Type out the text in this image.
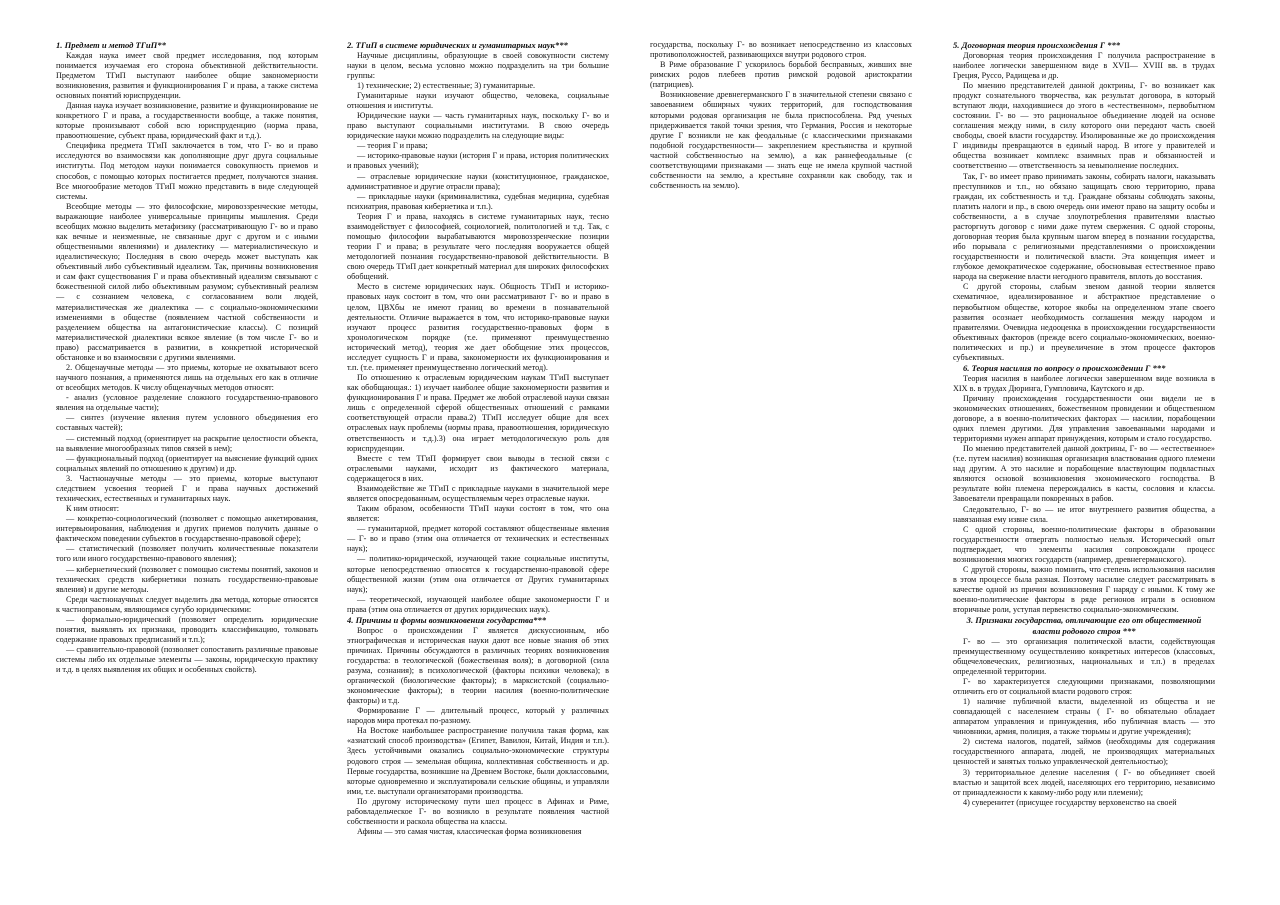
1. Предмет и метод ТГиП**

Каждая наука имеет свой предмет исследования, под которым понимается изучаемая его сторона объективной действительности. Предметом ТГиП выступают наиболее общие закономерности возникновения, развития и функционирования Г и права, а также система основных понятий юриспруденции.

Данная наука изучает возникновение, развитие и функционирование не конкретного Г и права, а государственности вообще, а также понятия, которые пронизывают собой всю юриспруденцию (норма права, правоотношение, субъект права, юридический факт и т.д.).

Спецификa предмета ТГиП заключается в том, что Г- во и право исследуются во взаимосвязи как дополняющие друг друга социальные институты. Под методом науки понимается совокупность приемов и способов, с помощью которых постигается предмет, получаются знания. Все многообразие методов ТГиП можно представить в виде следующей системы.

Всеобщие методы — это философские, мировоззренческие методы, выражающие наиболее универсальные принципы мышления. Среди всеобщих можно выделить метафизику (рассматривающую Г- во и право как вечные и неизменные, не связанные друг с другом и с иными общественными явлениями) и диалектику — материалистическую и идеалистическую; Последняя в свою очередь может выступать как объективный либо субъективный идеализм. Так, причины возникновения и сам факт существования Г и права объективный идеализм связывают с божественной силой либо объективным разумом; субъективный реализм — с сознанием человека, с согласованием воли людей, материалистическая же диалектика — с социально-экономическими изменениями в обществе (появлением частной собственности и разделением общества на антагонистические классы). С позиций материалистической диалектики всякое явление (в том числе Г- во и право) рассматривается в развитии, в конкретной исторической обстановке и во взаимосвязи с другими явлениями.

2. Общенаучные методы — это приемы, которые не охватывают всего научного познания, а применяются лишь на отдельных его как в отличие от всеобщих методов. К числу общенаучных методов относят:

- анализ (условное разделение сложного государственно-правового явления на отдельные части);

— синтез (изучение явления путем условного объединения его составных частей);

— системный подход (ориентирует на раскрытие целостности объекта, на выявление многообразных типов связей в нем);

— функциональный подход (ориентирует на выяснение функций одних социальных явлений по отношению к другим) и др.

3. Частнонаучные методы — это приемы, которые выступают следствием усвоения теорией Г и права научных достижений технических, естественных и гуманитарных наук.

К ним относят:

— конкретно-социологический (позволяет с помощью анкетирования, интервьюирования, наблюдения и других приемов получить данные о фактическом поведении субъектов в государственно-правовой сфере);

— статистический (позволяет получить количественные показатели того или иного государственно-правового явления);

— кибернетический (позволяет с помощью системы понятий, законов и технических средств кибернетики познать государственно-правовые явления) и другие методы.

Среди частнонаучных следует выделить два метода, которые относятся к частноправовым, являющимся сугубо юридическими:

— формально-юридический (позволяет определить юридические понятия, выявлять их признаки, проводить классификацию, толковать содержание правовых предписаний и т.п.);

— сравнительно-правовой (позволяет сопоставить различные правовые системы либо их отдельные элементы — законы, юридическую практику и т.д. в целях выявления их общих и особенных свойств).

2. ТГиП в системе юридических и гуманитарных наук***

Научные дисциплины, образующие в своей совокупности систему науки в целом, весьма условно можно подразделить на три большие группы:

1) технические; 2) естественные; 3) гуманитарные.

Гуманитарные науки изучают общество, человека, социальные отношения и институты.

Юридические науки — часть гуманитарных наук, поскольку Г- во и право выступают социальными институтами. В свою очередь юридические науки можно подразделить на следующие виды:

— теория Г и права;

— историко-правовые науки (история Г и права, история политических и правовых учений);

— отраслевые юридические науки (конституционное, гражданское, административное и другие отрасли права);

— прикладные науки (криминалистика, судебная медицина, судебная психиатрия, правовая кибернетика и т.п.).

Теория Г и права, находясь в системе гуманитарных наук, тесно взаимодействует с философией, социологией, политологией и т.д. Так, с помощью философии вырабатываются мировоззренческие позиции теории Г и права; в результате чего последняя вооружается общей методологией познания государственно-правовой действительности. В свою очередь ТГиП дает конкретный материал для широких философских обобщений.

Место в системе юридических наук. Общность ТГиП и историко-правовых наук состоит в том, что они рассматривают Г- во и право в целом, ЦВХбы не имеют границ во времени в познавательной деятельности. Отличие выражается в том, что историко-правовые науки изучают процесс развития государственно-правовых форм в хронологическом порядке (т.е. применяют преимущественно исторический метод), теория же дает обобщение этих процессов, исследует сущность Г и права, закономерности их функционирования и т.п. (т.е. применяет преимущественно логический метод).

По отношению к отраслевым юридическим наукам ТГиП выступает как обобщающая.: 1) изучает наиболее общие закономерности развития и функционирования Г и права. Предмет же любой отраслевой науки связан лишь с определенной сферой общественных отношений с рамками соответствующей отрасли права.2) ТГиП исследует общие для всех отраслевых наук проблемы (нормы права, правоотношения, юридическую ответственность и т.д.).3) она играет методологическую роль для юриспруденции.

Вместе с тем ТГиП формирует свои выводы в тесной связи с отраслевыми науками, исходит из фактического материала, содержащегося в них.

Взаимодействие же ТГиП с прикладные науками в значительной мере является опосредованным, осуществляемым через отраслевые науки.

Таким образом, особенности ТГиП науки состоят в том, что она является:

— гуманитарной, предмет которой составляют общественные явления — Г- во и право (этим она отличается от технических и естественных наук);

— политико-юридической, изучающей такие социальные институты, которые непосредственно относятся к государственно-правовой сфере общественной жизни (этим она отличается от Других гуманитарных наук);

— теоретической, изучающей наиболее общие закономерности Г и права (этим она отличается от других юридических наук).

4. Причины и формы возникновения государства***

Вопрос о происхождении Г является дискуссионным, ибо этнографическая и историческая науки дают все новые знания об этих причинах. Причины обсуждаются в различных теориях возникновения государства: в теологической (божественная воля); в договорной (сила разума, сознания); в психологической (факторы психики человека); в органической (биологические факторы); в марксистской (социально-экономические факторы); в теории насилия (военно-политические факторы) и т.д.

Формирование Г — длительный процесс, который у различных народов мира протекал по-разному.

На Востоке наибольшее распространение получила такая форма, как «азиатский способ производства» (Египет, Вавилон, Китай, Индия и т.п.). Здесь устойчивыми оказались социально-экономические структуры родового строя — земельная община, коллективная собственность и др. Первые государства, возникшие на Древнем Востоке, были доклассовыми, которые одновременно и эксплуатировали сельские общины, и управляли ими, т.е. выступали организаторами производства.

По другому историческому пути шел процесс в Афинах и Риме, рабовладельческое Г- во возникло в результате появления частной собственности и раскола общества на классы.

Афины — это самая чистая, классическая форма возникновения

государства, поскольку Г- во возникает непосредственно из классовых противоположностей, развивающихся внутри родового строя.

В Риме образование Г ускорилось борьбой бесправных, живших вне римских родов плебеев против римской родовой аристократии (патрициев).

Возникновение древнегерманского Г в значительной степени связано с завоеванием обширных чужих территорий, для господствования которыми родовая организация не была приспособлена. Ряд ученых придерживается такой точки зрения, что Германия, Россия и некоторые другие Г возникли не как феодальные (с классическими признаками подобной государственности— закреплением крестьянства и крупной частной собственностью на землю), а как раннефеодальные (с соответствующими признаками — знать еще не имела крупной частной собственности на землю, а крестьяне сохраняли как свободу, так и собственность на землю).

5. Договорная теория происхождения Г ***

Договорная теория происхождения Г получила распространение в наиболее логически завершенном виде в XVII— XVIII вв. в трудах Греция, Руссо, Радищева и др.

По мнению представителей данной доктрины, Г- во возникает как продукт сознательного творчества, как результат договора, в который вступают люди, находившиеся до этого в «естественном», первобытном состоянии. Г- во — это рациональное объединение людей на основе соглашения между ними, в силу которого они передают часть своей свободы, своей власти государству. Изолированные же до происхождения Г индивиды превращаются в единый народ. В итоге у правителей и общества возникает комплекс взаимных прав и обязанностей и соответственно — ответственность за невыполнение последних.

Так, Г- во имеет право принимать законы, собирать налоги, наказывать преступников и т.п., но обязано защищать свою территорию, права граждан, их собственность и т.д. Граждане обязаны соблюдать законы, платить налоги и пр., в свою очередь они имеют право на защиту особы и собственности, а в случае злоупотребления правителями властью расторгнуть договор с ними даже путем свержения. С одной стороны, договорная теория была крупным шагом вперед в познании государства, ибо порывала с религиозными представлениями о происхождении государственности и политической власти. Эта концепция имеет и глубокое демократическое содержание, обосновывая естественное право народа на свержение власти негодного правителя, вплоть до восстания.

С другой стороны, слабым звеном данной теории является схематичное, идеализированное и абстрактное представление о первобытном обществе, которое якобы на определенном этапе своего развития осознает необходимость соглашения между народом и правителями. Очевидна недооценка в происхождении государственности объективных факторов (прежде всего социально-экономических, военно-политических и пр.) и преувеличение в этом процессе факторов субъективных.

6. Теория насилия по вопросу о происхождении Г ***

Теория насилия в наиболее логически завершенном виде возникла в XIX в. в трудах Дюринга, Гумпловича, Каутского и др.

Причину происхождения государственности они видели не в экономических отношениях, божественном провидении и общественном договоре, а в военно-политических факторах — насилии, порабощении одних племен другими. Для управления завоеванными народами и территориями нужен аппарат принуждения, которым и стало государство.

По мнению представителей данной доктрины, Г- во — «естественное» (т.е. путем насилия) возникшая организация властвования одного племени над другим. А это насилие и порабощение властвующим подвластных являются основой возникновения экономического господства. В результате войн племена перерождались в касты, сословия и классы. Завоеватели превращали покоренных в рабов.

Следовательно, Г- во — не итог внутреннего развития общества, а навязанная ему извне сила.

С одной стороны, военно-политические факторы в образовании государственности отвергать полностью нельзя. Исторический опыт подтверждает, что элементы насилия сопровождали процесс возникновения многих государств (например, древнегерманского).

С другой стороны, важно помнить, что степень использования насилия в этом процессе была разная. Поэтому насилие следует рассматривать в качестве одной из причин возникновения Г наряду с иными. К тому же военно-политические факторы в ряде регионов играли в основном вторичные роли, уступая первенство социально-экономическим.

3. Признаки государства, отличающие его от общественной власти родового строя ***

Г- во — это организация политической власти, содействующая преимущественному осуществлению конкретных интересов (классовых, общечеловеческих, религиозных, национальных и т.п.) в пределах определенной территории.

Г- во характеризуется следующими признаками, позволяющими отличить его от социальной власти родового строя:

1) наличие публичной власти, выделенной из общества и не совпадающей с населением страны ( Г- во обязательно обладает аппаратом управления и принуждения, ибо публичная власть — это чиновники, армия, полиция, а также тюрьмы и другие учреждения);

2) система налогов, податей, займов (необходимы для содержания государственного аппарата, людей, не производящих материальных ценностей и занятых только управленческой деятельностью);

3) территориальное деление населения ( Г- во объединяет своей властью и защитой всех людей, населяющих его территорию, независимо от принадлежности к какому-либо роду или племени);

4) суверенитет (присущее государству верховенство на своей
